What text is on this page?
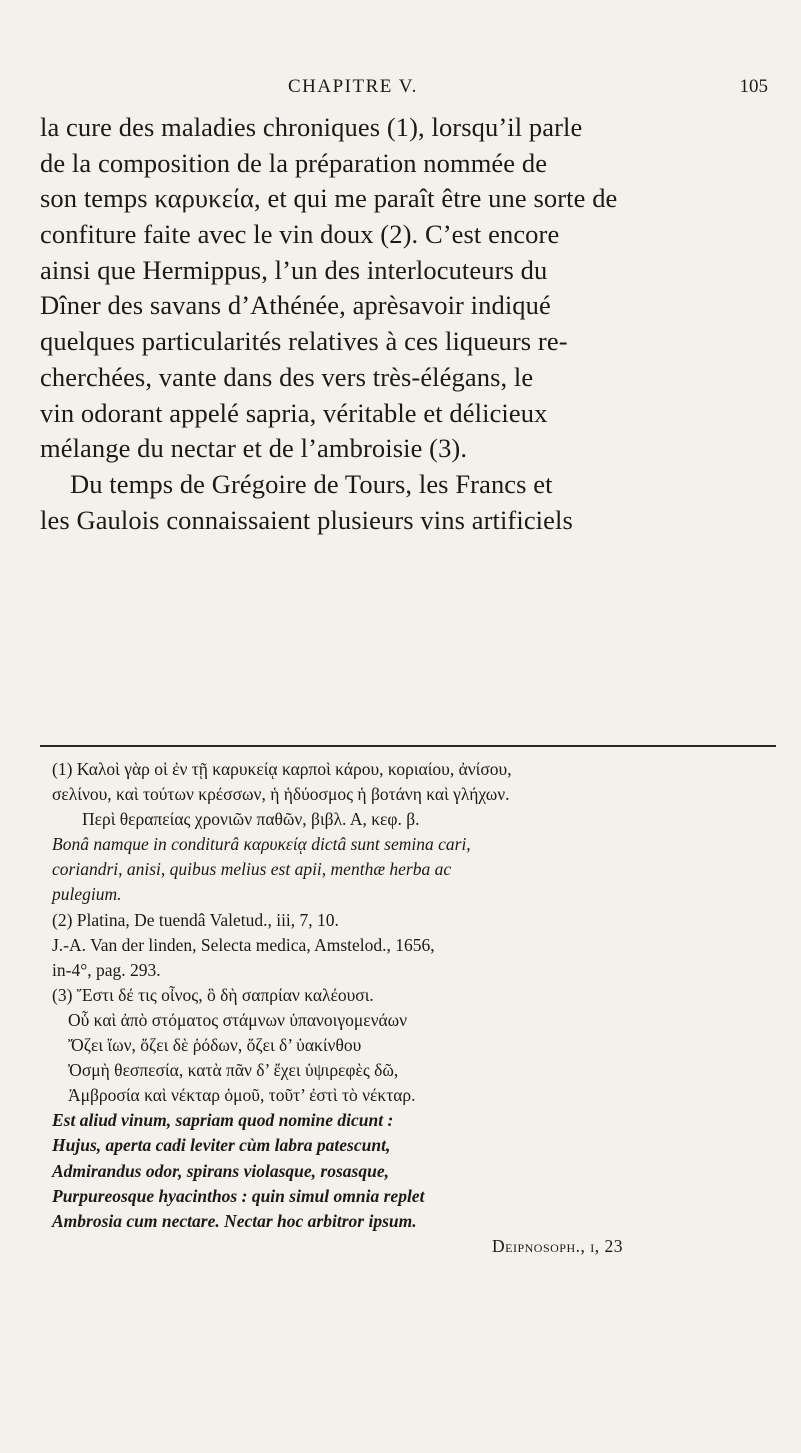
CHAPITRE V.	105
la cure des maladies chroniques (1), lorsqu’il parle
de la composition de la préparation nommée de
son temps καρυκεία, et qui me paraît être une sorte de
confiture faite avec le vin doux (2). C’est encore
ainsi que Hermippus, l’un des interlocuteurs du
Dîner des savans d’Athénée, aprèsavoir indiqué
quelques particularités relatives à ces liqueurs re-
cherchées, vante dans des vers très-élégans, le
vin odorant appelé sapria, véritable et délicieux
mélange du nectar et de l’ambroisie (3).
Du temps de Grégoire de Tours, les Francs et
les Gaulois connaissaient plusieurs vins artificiels
(1) Καλοὶ γὰρ οἱ ἐν τῇ καρυκείᾳ καρποὶ κάρου, κοριαίου, ἀνίσου,
σελίνου, καὶ τούτων κρέσσων, ἡ ἡδύοσμος ἡ βοτάνη καὶ γλήχων.
Περὶ θεραπείας χρονιῶν παθῶν, βιβλ. Α, κεφ. β.
Bonâ namque in conditurâ καρυκείᾳ dictâ sunt semina cari,
coriandri, anisi, quibus melius est apii, menthæ herba ac
pulegium.
(2) Platina, De tuendâ Valetud., iii, 7, 10.
J.-A. Van der linden, Selecta medica, Amstelod., 1656,
in-4°, pag. 293.
(3) Ἔστι δέ τις οἶνος, ὃ δὴ σαπρίαν καλέουσι.
Οὗ καὶ ἀπὸ στόματος στάμνων ὑπανοιγομενάων
Ὄζει ἴων, ὄζει δὲ ῥόδων, ὄζει δ’ ὑακίνθου
Ὀσμὴ θεσπεσία, κατὰ πᾶν δ’ ἔχει ὑψιρεφὲς δῶ,
Ἀμβροσία καὶ νέκταρ ὁμοῦ, τοῦτ’ ἐστὶ τὸ νέκταρ.
Est aliud vinum, sapriam quod nomine dicunt :
Hujus, aperta cadi leviter cùm labra patescunt,
Admirandus odor, spirans violasque, rosasque,
Purpureosque hyacinthos : quin simul omnia replet
Ambrosia cum nectare. Nectar hoc arbitror ipsum.
Deipnosoph., i, 23
